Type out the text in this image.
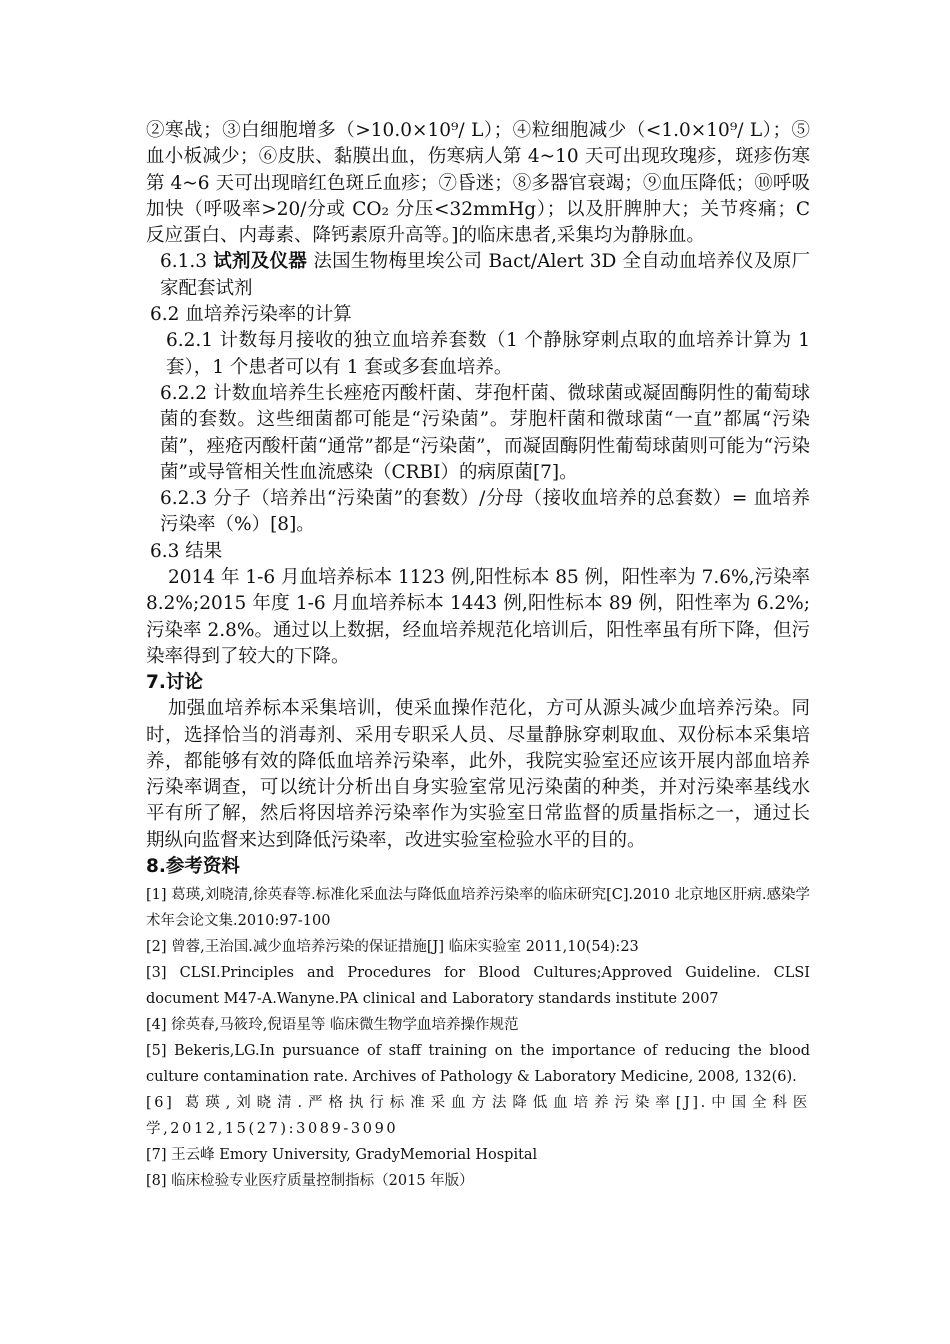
②寒战；③白细胞增多（>10.0×10⁹/ L）；④粒细胞减少（<1.0×10⁹/ L）；⑤血小板减少；⑥皮肤、黏膜出血，伤寒病人第 4~10 天可出现玫瑰疹，斑疹伤寒第 4~6 天可出现暗红色斑丘血疹；⑦昏迷；⑧多器官衰竭；⑨血压降低；⑩呼吸加快（呼吸率>20/分或 CO₂ 分压<32mmHg）；以及肝脾肿大；关节疼痛；C 反应蛋白、内毒素、降钙素原升高等。]的临床患者,采集均为静脉血。

6.1.3 试剂及仪器 法国生物梅里埃公司 Bact/Alert 3D 全自动血培养仪及原厂家配套试剂

6.2 血培养污染率的计算

6.2.1 计数每月接收的独立血培养套数（1 个静脉穿刺点取的血培养计算为 1 套），1 个患者可以有 1 套或多套血培养。

6.2.2 计数血培养生长痤疮丙酸杆菌、芽孢杆菌、微球菌或凝固酶阴性的葡萄球菌的套数。这些细菌都可能是“污染菌”。芽胞杆菌和微球菌“一直”都属“污染菌”，痤疮丙酸杆菌“通常”都是“污染菌”，而凝固酶阴性葡萄球菌则可能为“污染菌”或导管相关性血流感染（CRBI）的病原菌[7]。

6.2.3 分子（培养出“污染菌”的套数）/分母（接收血培养的总套数）= 血培养污染率（%）[8]。

6.3 结果

2014 年 1-6 月血培养标本 1123 例,阳性标本 85 例，阳性率为 7.6%,污染率 8.2%;2015 年度 1-6 月血培养标本 1443 例,阳性标本 89 例，阳性率为 6.2%;污染率 2.8%。通过以上数据，经血培养规范化培训后，阳性率虽有所下降，但污染率得到了较大的下降。

7.讨论

加强血培养标本采集培训，使采血操作范化，方可从源头减少血培养污染。同时，选择恰当的消毒剂、采用专职采人员、尽量静脉穿刺取血、双份标本采集培养，都能够有效的降低血培养污染率，此外，我院实验室还应该开展内部血培养污染率调查，可以统计分析出自身实验室常见污染菌的种类，并对污染率基线水平有所了解，然后将因培养污染率作为实验室日常监督的质量指标之一，通过长期纵向监督来达到降低污染率，改进实验室检验水平的目的。

8.参考资料

[1] 葛瑛,刘晓清,徐英春等.标准化采血法与降低血培养污染率的临床研究[C].2010 北京地区肝病.感染学术年会论文集.2010:97-100

[2] 曾蓉,王治国.减少血培养污染的保证措施[J] 临床实验室 2011,10(54):23

[3] CLSI.Principles and Procedures for Blood Cultures;Approved Guideline. CLSI document M47-A.Wanyne.PA clinical and Laboratory standards institute 2007

[4] 徐英春,马筱玲,倪语星等 临床微生物学血培养操作规范

[5] Bekeris,LG.In pursuance of staff training on the importance of reducing the blood culture contamination rate. Archives of Pathology & Laboratory Medicine, 2008, 132(6).

[6] 葛瑛,刘晓清.严格执行标准采血方法降低血培养污染率[J].中国全科医学,2012,15(27):3089-3090

[7] 王云峰 Emory University, GradyMemorial Hospital

[8] 临床检验专业医疗质量控制指标（2015 年版）
